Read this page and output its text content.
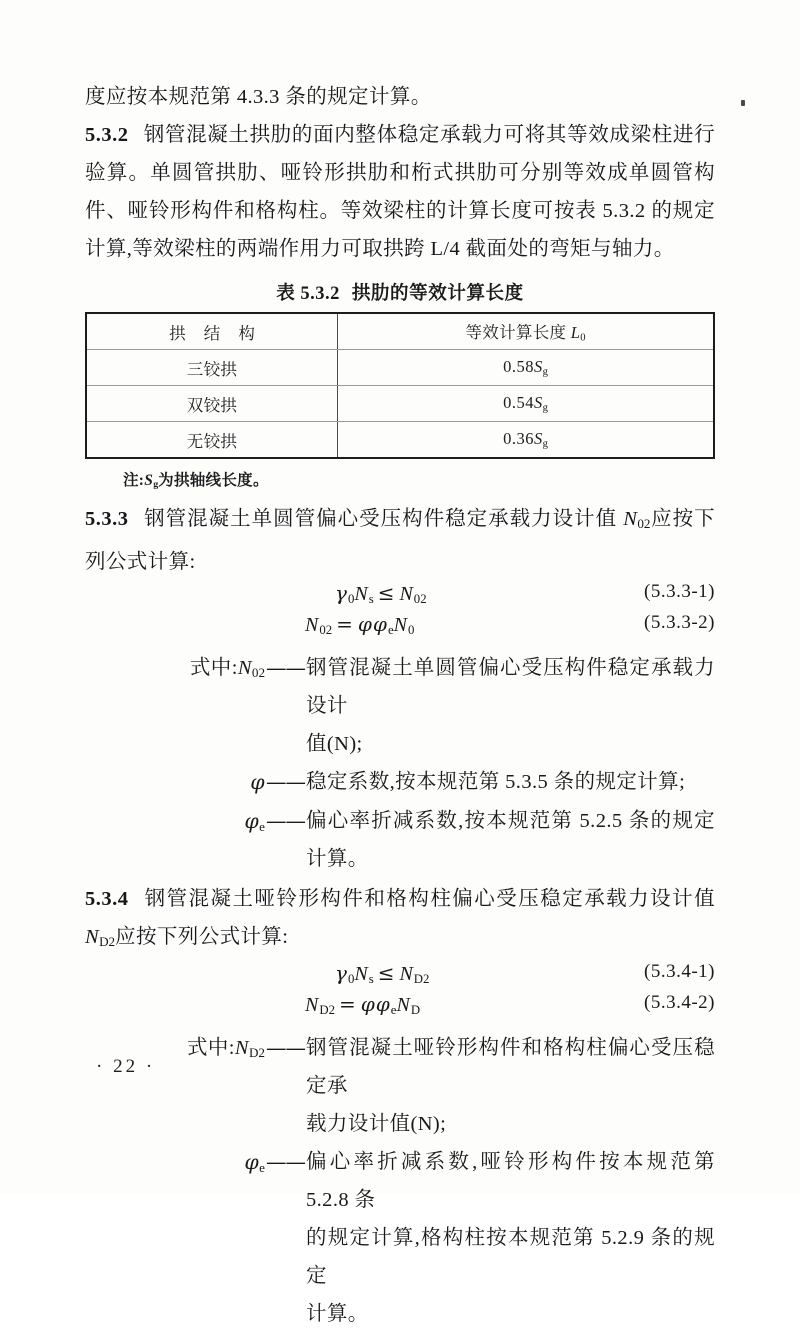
度应按本规范第 4.3.3 条的规定计算。

5.3.2 钢管混凝土拱肋的面内整体稳定承载力可将其等效成梁柱进行验算。单圆管拱肋、哑铃形拱肋和桁式拱肋可分别等效成单圆管构件、哑铃形构件和格构柱。等效梁柱的计算长度可按表 5.3.2 的规定计算,等效梁柱的两端作用力可取拱跨 L/4 截面处的弯矩与轴力。

表 5.3.2 拱肋的等效计算长度
拱 结 构	等效计算长度 $L_0$
三铰拱	$0.58S_g$
双铰拱	$0.54S_g$
无铰拱	$0.36S_g$
注$:S_g$为拱轴线长度。

5.3.3 钢管混凝土单圆管偏心受压构件稳定承载力设计值 $N_{02}$应按下列公式计算:

$\gamma_0N_s \le N_{02}$	(5.3.3-1)
$N_{02} = \varphi\varphi_eN_0$	(5.3.3-2)
式中$:N_{02}$ —— 钢管混凝土单圆管偏心受压构件稳定承载力设计
值(N);
φ —— 稳定系数,按本规范第 5.3.5 条的规定计算;
$\varphi_e$ —— 偏心率折减系数,按本规范第 5.2.5 条的规定计算。

5.3.4 钢管混凝土哑铃形构件和格构柱偏心受压稳定承载力设计值 $N_{D2}$应按下列公式计算:

$\gamma_0N_s \le N_{D2}$	(5.3.4-1)
$N_{D2} = \varphi\varphi_eN_D$	(5.3.4-2)
式中$:N_{D2}$ —— 钢管混凝土哑铃形构件和格构柱偏心受压稳定承
载力设计值(N);
$\varphi_e$ —— 偏心率折减系数,哑铃形构件按本规范第 5.2.8 条
的规定计算,格构柱按本规范第 5.2.9 条的规定
计算。
· 22 ·
